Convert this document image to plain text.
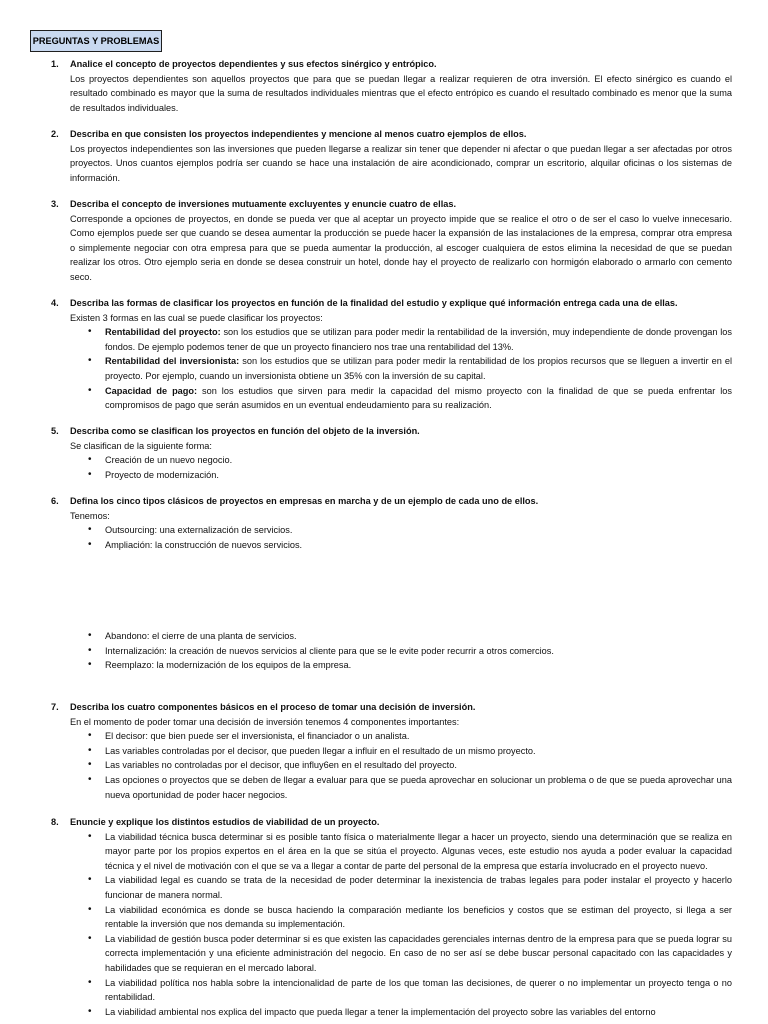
PREGUNTAS Y PROBLEMAS
1. Analice el concepto de proyectos dependientes y sus efectos sinérgico y entrópico.
Los proyectos dependientes son aquellos proyectos que para que se puedan llegar a realizar requieren de otra inversión. El efecto sinérgico es cuando el resultado combinado es mayor que la suma de resultados individuales mientras que el efecto entrópico es cuando el resultado combinado es menor que la suma de resultados individuales.
2. Describa en que consisten los proyectos independientes y mencione al menos cuatro ejemplos de ellos.
Los proyectos independientes son las inversiones que pueden llegarse a realizar sin tener que depender ni afectar o que puedan llegar a ser afectadas por otros proyectos. Unos cuantos ejemplos podría ser cuando se hace una instalación de aire acondicionado, comprar un escritorio, alquilar oficinas o los sistemas de información.
3. Describa el concepto de inversiones mutuamente excluyentes y enuncie cuatro de ellas.
Corresponde a opciones de proyectos, en donde se pueda ver que al aceptar un proyecto impide que se realice el otro o de ser el caso lo vuelve innecesario. Como ejemplos puede ser que cuando se desea aumentar la producción se puede hacer la expansión de las instalaciones de la empresa, comprar otra empresa o simplemente negociar con otra empresa para que se pueda aumentar la producción, al escoger cualquiera de estos elimina la necesidad de que se puedan realizar los otros. Otro ejemplo seria en donde se desea construir un hotel, donde hay el proyecto de realizarlo con hormigón elaborado o armarlo con cemento seco.
4. Describa las formas de clasificar los proyectos en función de la finalidad del estudio y explique qué información entrega cada una de ellas.
Existen 3 formas en las cual se puede clasificar los proyectos:
• Rentabilidad del proyecto: son los estudios que se utilizan para poder medir la rentabilidad de la inversión, muy independiente de donde provengan los fondos. De ejemplo podemos tener de que un proyecto financiero nos trae una rentabilidad del 13%.
• Rentabilidad del inversionista: son los estudios que se utilizan para poder medir la rentabilidad de los propios recursos que se lleguen a invertir en el proyecto. Por ejemplo, cuando un inversionista obtiene un 35% con la inversión de su capital.
• Capacidad de pago: son los estudios que sirven para medir la capacidad del mismo proyecto con la finalidad de que se pueda enfrentar los compromisos de pago que serán asumidos en un eventual endeudamiento para su realización.
5. Describa como se clasifican los proyectos en función del objeto de la inversión.
Se clasifican de la siguiente forma:
• Creación de un nuevo negocio.
• Proyecto de modernización.
6. Defina los cinco tipos clásicos de proyectos en empresas en marcha y de un ejemplo de cada uno de ellos.
Tenemos:
• Outsourcing: una externalización de servicios.
• Ampliación: la construcción de nuevos servicios.
• Abandono: el cierre de una planta de servicios.
• Internalización: la creación de nuevos servicios al cliente para que se le evite poder recurrir a otros comercios.
• Reemplazo: la modernización de los equipos de la empresa.
7. Describa los cuatro componentes básicos en el proceso de tomar una decisión de inversión.
En el momento de poder tomar una decisión de inversión tenemos 4 componentes importantes:
• El decisor: que bien puede ser el inversionista, el financiador o un analista.
• Las variables controladas por el decisor, que pueden llegar a influir en el resultado de un mismo proyecto.
• Las variables no controladas por el decisor, que influy6en en el resultado del proyecto.
• Las opciones o proyectos que se deben de llegar a evaluar para que se pueda aprovechar en solucionar un problema o de que se pueda aprovechar una nueva oportunidad de poder hacer negocios.
8. Enuncie y explique los distintos estudios de viabilidad de un proyecto.
• La viabilidad técnica busca determinar si es posible tanto física o materialmente llegar a hacer un proyecto, siendo una determinación que se realiza en mayor parte por los propios expertos en el área en la que se sitúa el proyecto. Algunas veces, este estudio nos ayuda a poder evaluar la capacidad técnica y el nivel de motivación con el que se va a llegar a contar de parte del personal de la empresa que estaría involucrado en el proyecto nuevo.
• La viabilidad legal es cuando se trata de la necesidad de poder determinar la inexistencia de trabas legales para poder instalar el proyecto y hacerlo funcionar de manera normal.
• La viabilidad económica es donde se busca haciendo la comparación mediante los beneficios y costos que se estiman del proyecto, si llega a ser rentable la inversión que nos demanda su implementación.
• La viabilidad de gestión busca poder determinar si es que existen las capacidades gerenciales internas dentro de la empresa para que se pueda lograr su correcta implementación y una eficiente administración del negocio. En caso de no ser así se debe buscar personal capacitado con las capacidades y habilidades que se requieran en el mercado laboral.
• La viabilidad política nos habla sobre la intencionalidad de parte de los que toman las decisiones, de querer o no implementar un proyecto tenga o no rentabilidad.
• La viabilidad ambiental nos explica del impacto que pueda llegar a tener la implementación del proyecto sobre las variables del entorno
